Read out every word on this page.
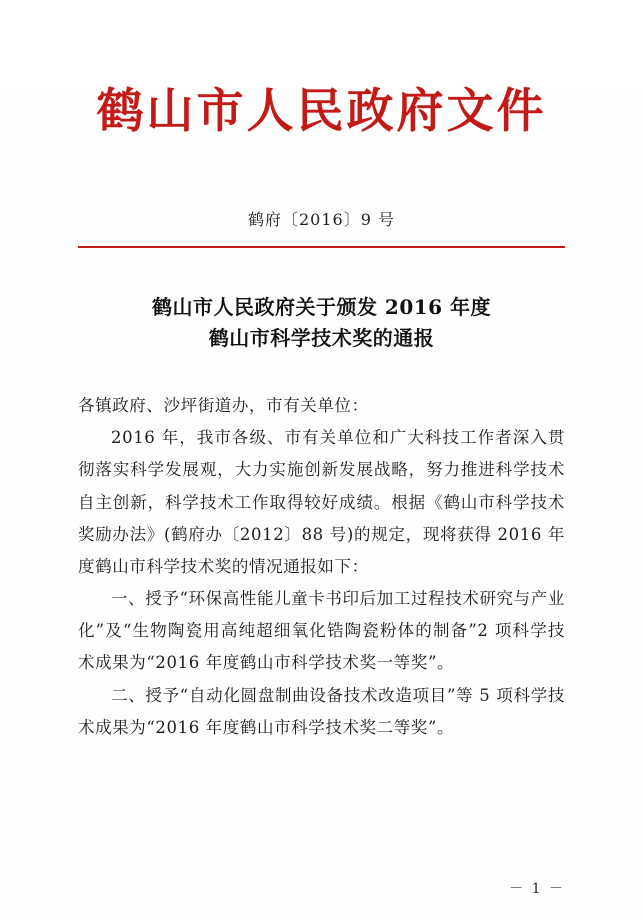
鹤山市人民政府文件
鹤府〔2016〕9 号
鹤山市人民政府关于颁发 2016 年度
鹤山市科学技术奖的通报

各镇政府、沙坪街道办，市有关单位：

2016 年，我市各级、市有关单位和广大科技工作者深入贯彻落实科学发展观，大力实施创新发展战略，努力推进科学技术自主创新，科学技术工作取得较好成绩。根据《鹤山市科学技术奖励办法》(鹤府办〔2012〕88 号)的规定，现将获得 2016 年度鹤山市科学技术奖的情况通报如下：

一、授予“环保高性能儿童卡书印后加工过程技术研究与产业化”及“生物陶瓷用高纯超细氧化锆陶瓷粉体的制备”2 项科学技术成果为“2016 年度鹤山市科学技术奖一等奖”。

二、授予“自动化圆盘制曲设备技术改造项目”等 5 项科学技术成果为“2016 年度鹤山市科学技术奖二等奖”。

－ 1 －
